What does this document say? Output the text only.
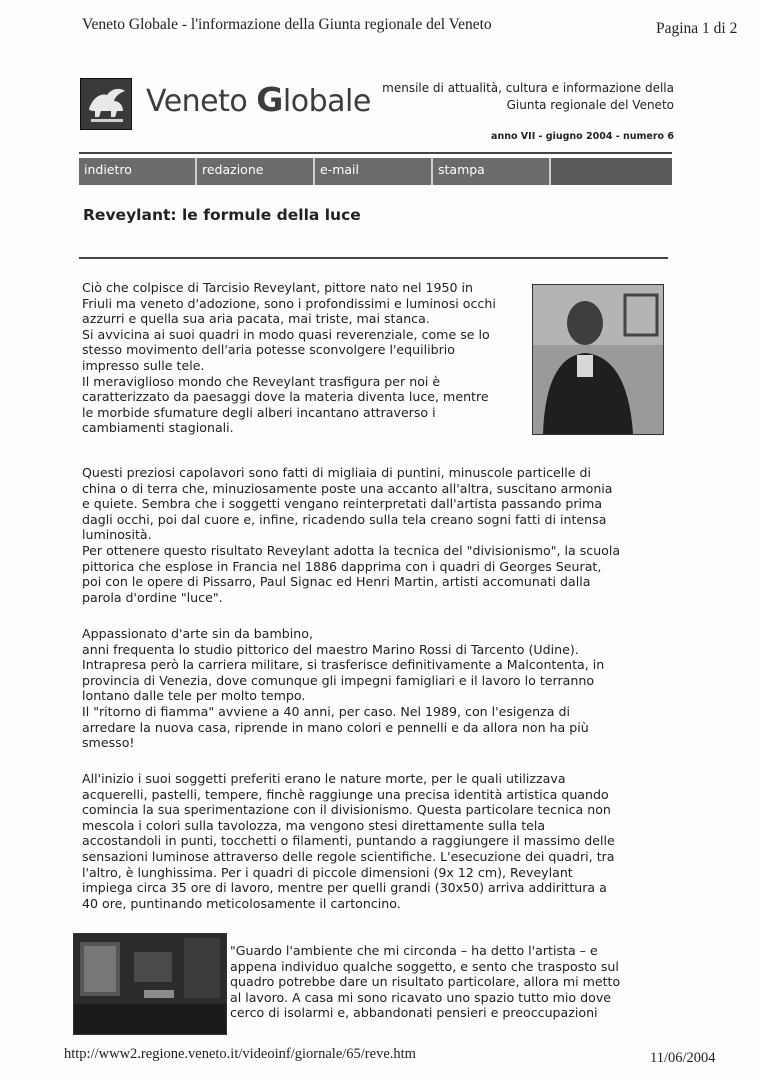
Veneto Globale - l'informazione della Giunta regionale del Veneto	Pagina 1 di 2
Veneto Globale mensile di attualità, cultura e informazione della
Giunta regionale del Veneto
anno VII - giugno 2004 - numero 6
indietro	redazione	e-mail	stampa
Reveylant: le formule della luce
Ciò che colpisce di Tarcisio Reveylant, pittore nato nel 1950 in
Friuli ma veneto d'adozione, sono i profondissimi e luminosi occhi
azzurri e quella sua aria pacata, mai triste, mai stanca.
Si avvicina ai suoi quadri in modo quasi reverenziale, come se lo
stesso movimento dell'aria potesse sconvolgere l'equilibrio
impresso sulle tele.
Il meraviglioso mondo che Reveylant trasfigura per noi è
caratterizzato da paesaggi dove la materia diventa luce, mentre
le morbide sfumature degli alberi incantano attraverso i
cambiamenti stagionali.
Questi preziosi capolavori sono fatti di migliaia di puntini, minuscole particelle di
china o di terra che, minuziosamente poste una accanto all'altra, suscitano armonia
e quiete. Sembra che i soggetti vengano reinterpretati dall'artista passando prima
dagli occhi, poi dal cuore e, infine, ricadendo sulla tela creano sogni fatti di intensa
luminosità.
Per ottenere questo risultato Reveylant adotta la tecnica del "divisionismo", la scuola
pittorica che esplose in Francia nel 1886 dapprima con i quadri di Georges Seurat,
poi con le opere di Pissarro, Paul Signac ed Henri Martin, artisti accomunati dalla
parola d'ordine "luce".
Appassionato d'arte sin da bambino,
anni frequenta lo studio pittorico del maestro Marino Rossi di Tarcento (Udine).
Intrapresa però la carriera militare, si trasferisce definitivamente a Malcontenta, in
provincia di Venezia, dove comunque gli impegni famigliari e il lavoro lo terranno
lontano dalle tele per molto tempo.
Il "ritorno di fiamma" avviene a 40 anni, per caso. Nel 1989, con l'esigenza di
arredare la nuova casa, riprende in mano colori e pennelli e da allora non ha più
smesso!
All'inizio i suoi soggetti preferiti erano le nature morte, per le quali utilizzava
acquerelli, pastelli, tempere, finchè raggiunge una precisa identità artistica quando
comincia la sua sperimentazione con il divisionismo. Questa particolare tecnica non
mescola i colori sulla tavolozza, ma vengono stesi direttamente sulla tela
accostandoli in punti, tocchetti o filamenti, puntando a raggiungere il massimo delle
sensazioni luminose attraverso delle regole scientifiche. L'esecuzione dei quadri, tra
l'altro, è lunghissima. Per i quadri di piccole dimensioni (9x 12 cm), Reveylant
impiega circa 35 ore di lavoro, mentre per quelli grandi (30x50) arriva addirittura a
40 ore, puntinando meticolosamente il cartoncino.
"Guardo l'ambiente che mi circonda – ha detto l'artista – e
appena individuo qualche soggetto, e sento che trasposto sul
quadro potrebbe dare un risultato particolare, allora mi metto
al lavoro. A casa mi sono ricavato uno spazio tutto mio dove
cerco di isolarmi e, abbandonati pensieri e preoccupazioni
http://www2.regione.veneto.it/videoinf/giornale/65/reve.htm	11/06/2004
